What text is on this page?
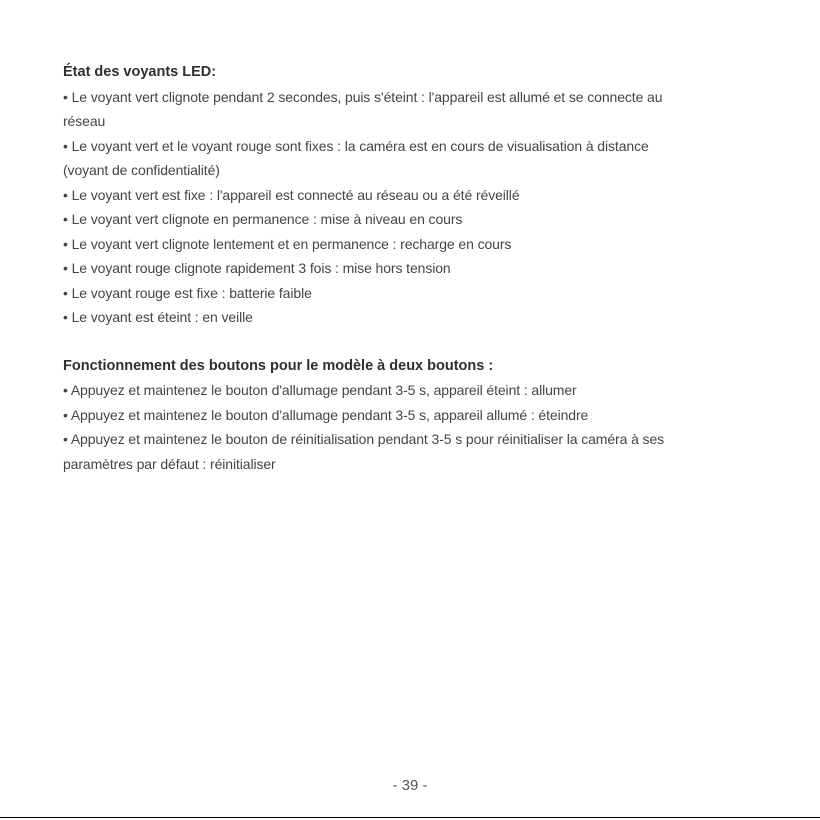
État des voyants LED:

• Le voyant vert clignote pendant 2 secondes, puis s'éteint : l'appareil est allumé et se connecte au
réseau
• Le voyant vert et le voyant rouge sont fixes : la caméra est en cours de visualisation à distance
(voyant de confidentialité)
• Le voyant vert est fixe : l'appareil est connecté au réseau ou a été réveillé
• Le voyant vert clignote en permanence : mise à niveau en cours
• Le voyant vert clignote lentement et en permanence : recharge en cours
• Le voyant rouge clignote rapidement 3 fois : mise hors tension
• Le voyant rouge est fixe : batterie faible
• Le voyant est éteint : en veille

Fonctionnement des boutons pour le modèle à deux boutons :

• Appuyez et maintenez le bouton d'allumage pendant 3-5 s, appareil éteint : allumer
• Appuyez et maintenez le bouton d'allumage pendant 3-5 s, appareil allumé : éteindre
• Appuyez et maintenez le bouton de réinitialisation pendant 3-5 s pour réinitialiser la caméra à ses
paramètres par défaut : réinitialiser
- 39 -
